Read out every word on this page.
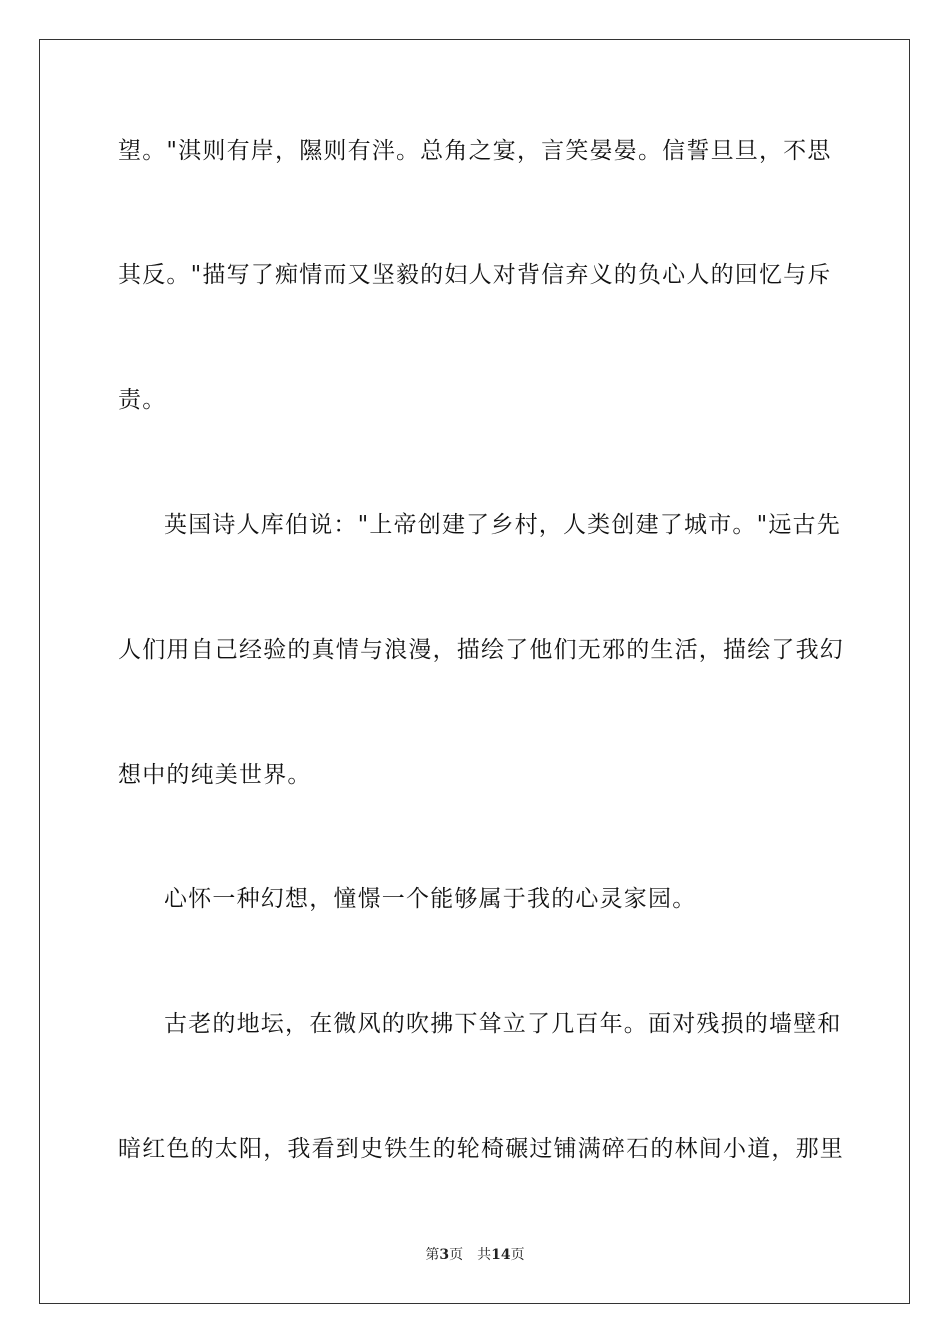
望。"淇则有岸，隰则有泮。总角之宴，言笑晏晏。信誓旦旦，不思
其反。"描写了痴情而又坚毅的妇人对背信弃义的负心人的回忆与斥
责。
英国诗人库伯说："上帝创建了乡村，人类创建了城市。"远古先
人们用自己经验的真情与浪漫，描绘了他们无邪的生活，描绘了我幻
想中的纯美世界。
心怀一种幻想，憧憬一个能够属于我的心灵家园。
古老的地坛，在微风的吹拂下耸立了几百年。面对残损的墙壁和
暗红色的太阳，我看到史铁生的轮椅碾过铺满碎石的林间小道，那里
第3页　共14页
